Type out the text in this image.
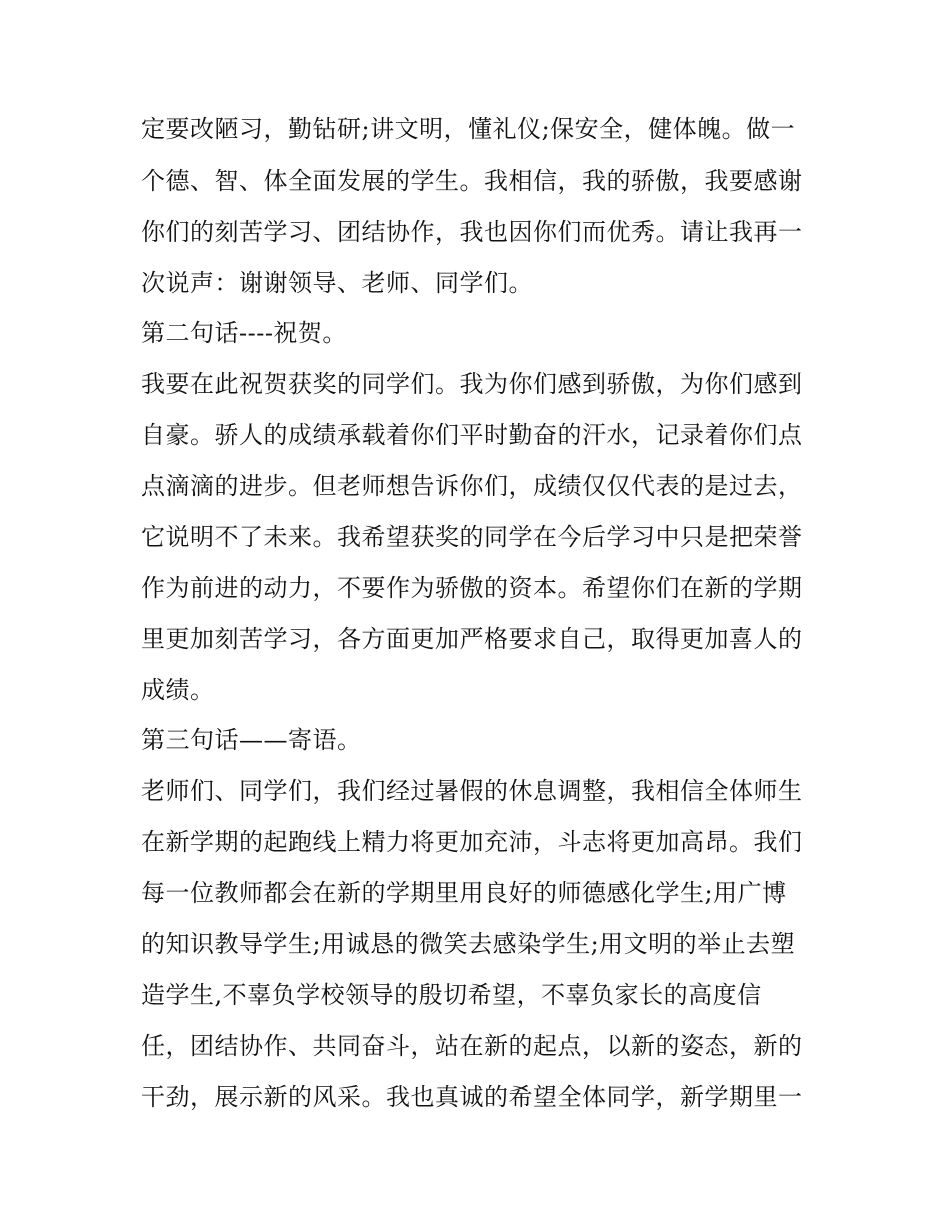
定要改陋习，勤钻研;讲文明，懂礼仪;保安全，健体魄。做一
个德、智、体全面发展的学生。我相信，我的骄傲，我要感谢
你们的刻苦学习、团结协作，我也因你们而优秀。请让我再一
次说声：谢谢领导、老师、同学们。
第二句话----祝贺。
我要在此祝贺获奖的同学们。我为你们感到骄傲，为你们感到
自豪。骄人的成绩承载着你们平时勤奋的汗水，记录着你们点
点滴滴的进步。但老师想告诉你们，成绩仅仅代表的是过去，
它说明不了未来。我希望获奖的同学在今后学习中只是把荣誉
作为前进的动力，不要作为骄傲的资本。希望你们在新的学期
里更加刻苦学习，各方面更加严格要求自己，取得更加喜人的
成绩。
第三句话——寄语。
老师们、同学们，我们经过暑假的休息调整，我相信全体师生
在新学期的起跑线上精力将更加充沛，斗志将更加高昂。我们
每一位教师都会在新的学期里用良好的师德感化学生;用广博
的知识教导学生;用诚恳的微笑去感染学生;用文明的举止去塑
造学生,不辜负学校领导的殷切希望，不辜负家长的高度信
任，团结协作、共同奋斗，站在新的起点，以新的姿态，新的
干劲，展示新的风采。我也真诚的希望全体同学，新学期里一
